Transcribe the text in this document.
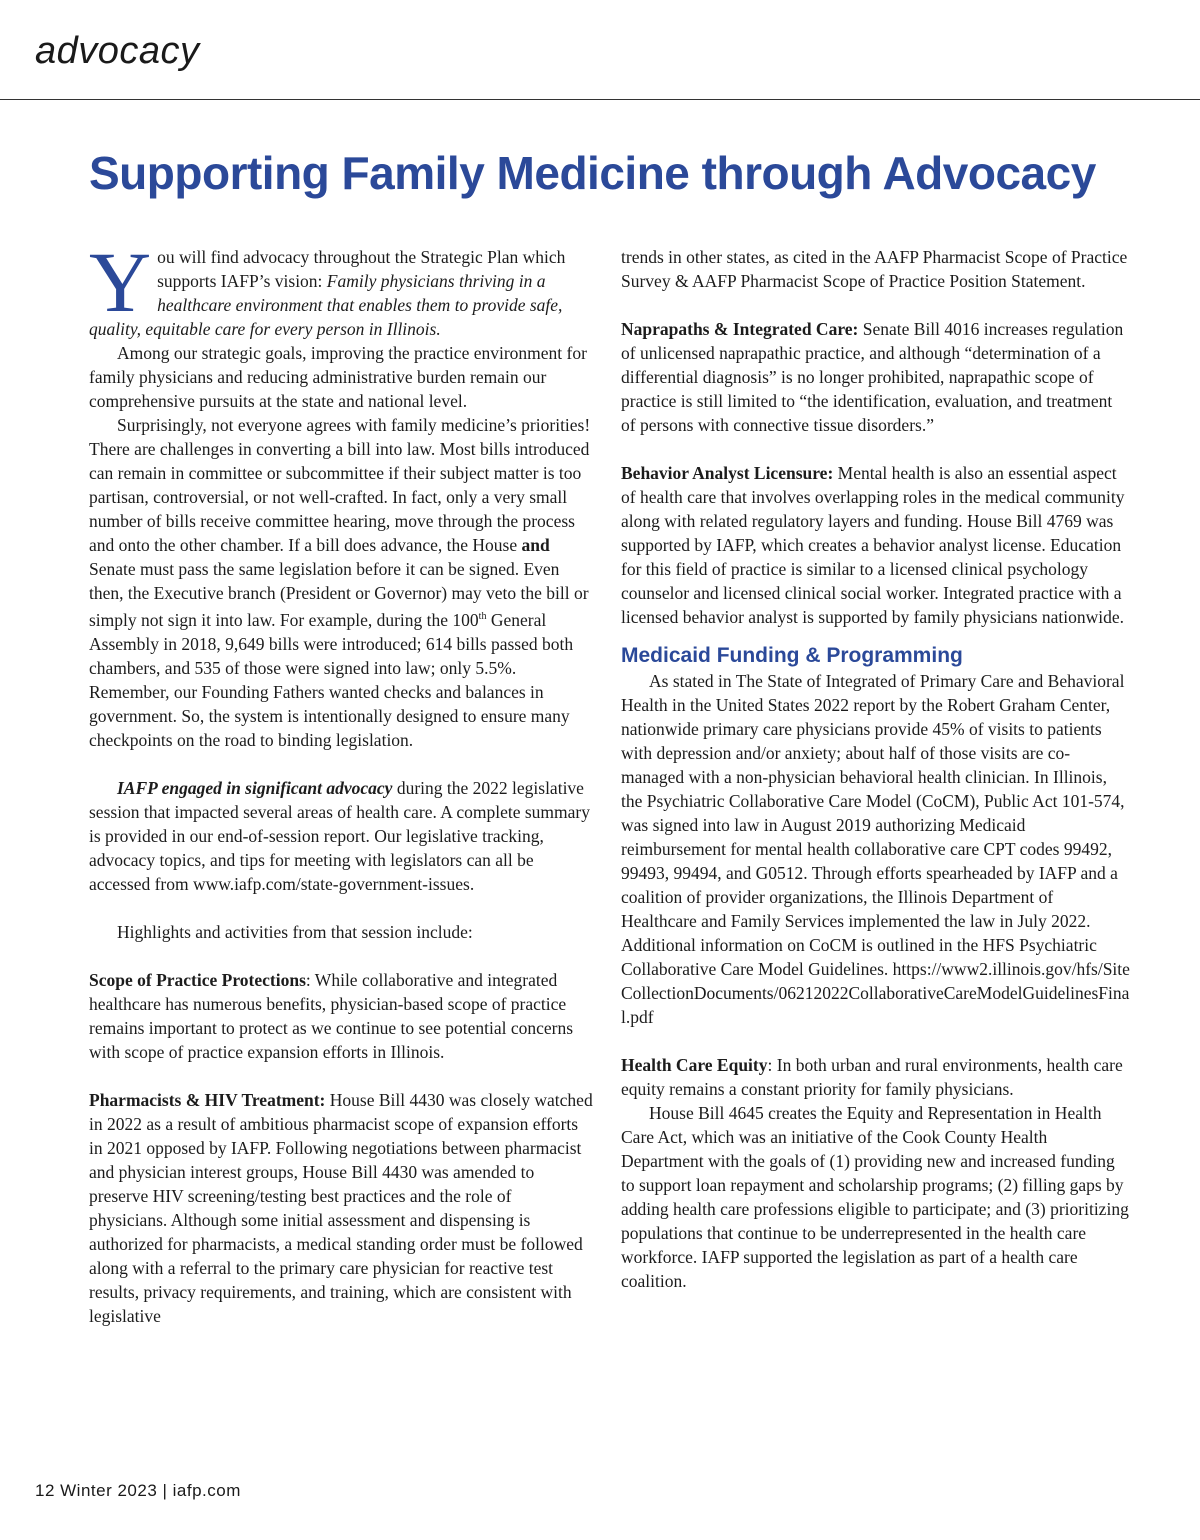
advocacy
Supporting Family Medicine through Advocacy

You will find advocacy throughout the Strategic Plan which supports IAFP’s vision: Family physicians thriving in a healthcare environment that enables them to provide safe, quality, equitable care for every person in Illinois.

Among our strategic goals, improving the practice environment for family physicians and reducing administrative burden remain our comprehensive pursuits at the state and national level.

Surprisingly, not everyone agrees with family medicine’s priorities! There are challenges in converting a bill into law. Most bills introduced can remain in committee or subcommittee if their subject matter is too partisan, controversial, or not well-crafted. In fact, only a very small number of bills receive committee hearing, move through the process and onto the other chamber. If a bill does advance, the House and Senate must pass the same legislation before it can be signed. Even then, the Executive branch (President or Governor) may veto the bill or simply not sign it into law. For example, during the 100th General Assembly in 2018, 9,649 bills were introduced; 614 bills passed both chambers, and 535 of those were signed into law; only 5.5%. Remember, our Founding Fathers wanted checks and balances in government. So, the system is intentionally designed to ensure many checkpoints on the road to binding legislation.

IAFP engaged in significant advocacy during the 2022 legislative session that impacted several areas of health care. A complete summary is provided in our end-of-session report. Our legislative tracking, advocacy topics, and tips for meeting with legislators can all be accessed from www.iafp.com/state-government-issues.

Highlights and activities from that session include:

Scope of Practice Protections: While collaborative and integrated healthcare has numerous benefits, physician-based scope of practice remains important to protect as we continue to see potential concerns with scope of practice expansion efforts in Illinois.

Pharmacists & HIV Treatment: House Bill 4430 was closely watched in 2022 as a result of ambitious pharmacist scope of expansion efforts in 2021 opposed by IAFP. Following negotiations between pharmacist and physician interest groups, House Bill 4430 was amended to preserve HIV screening/testing best practices and the role of physicians. Although some initial assessment and dispensing is authorized for pharmacists, a medical standing order must be followed along with a referral to the primary care physician for reactive test results, privacy requirements, and training, which are consistent with legislative

trends in other states, as cited in the AAFP Pharmacist Scope of Practice Survey & AAFP Pharmacist Scope of Practice Position Statement.

Naprapaths & Integrated Care: Senate Bill 4016 increases regulation of unlicensed naprapathic practice, and although “determination of a differential diagnosis” is no longer prohibited, naprapathic scope of practice is still limited to “the identification, evaluation, and treatment of persons with connective tissue disorders.”

Behavior Analyst Licensure: Mental health is also an essential aspect of health care that involves overlapping roles in the medical community along with related regulatory layers and funding. House Bill 4769 was supported by IAFP, which creates a behavior analyst license. Education for this field of practice is similar to a licensed clinical psychology counselor and licensed clinical social worker. Integrated practice with a licensed behavior analyst is supported by family physicians nationwide.

Medicaid Funding & Programming

As stated in The State of Integrated of Primary Care and Behavioral Health in the United States 2022 report by the Robert Graham Center, nationwide primary care physicians provide 45% of visits to patients with depression and/or anxiety; about half of those visits are co-managed with a non-physician behavioral health clinician. In Illinois, the Psychiatric Collaborative Care Model (CoCM), Public Act 101-574, was signed into law in August 2019 authorizing Medicaid reimbursement for mental health collaborative care CPT codes 99492, 99493, 99494, and G0512. Through efforts spearheaded by IAFP and a coalition of provider organizations, the Illinois Department of Healthcare and Family Services implemented the law in July 2022. Additional information on CoCM is outlined in the HFS Psychiatric Collaborative Care Model Guidelines. https://www2.illinois.gov/hfs/SiteCollectionDocuments/06212022CollaborativeCareModelGuidelinesFinal.pdf

Health Care Equity: In both urban and rural environments, health care equity remains a constant priority for family physicians.

House Bill 4645 creates the Equity and Representation in Health Care Act, which was an initiative of the Cook County Health Department with the goals of (1) providing new and increased funding to support loan repayment and scholarship programs; (2) filling gaps by adding health care professions eligible to participate; and (3) prioritizing populations that continue to be underrepresented in the health care workforce. IAFP supported the legislation as part of a health care coalition.

12 Winter 2023 | iafp.com
